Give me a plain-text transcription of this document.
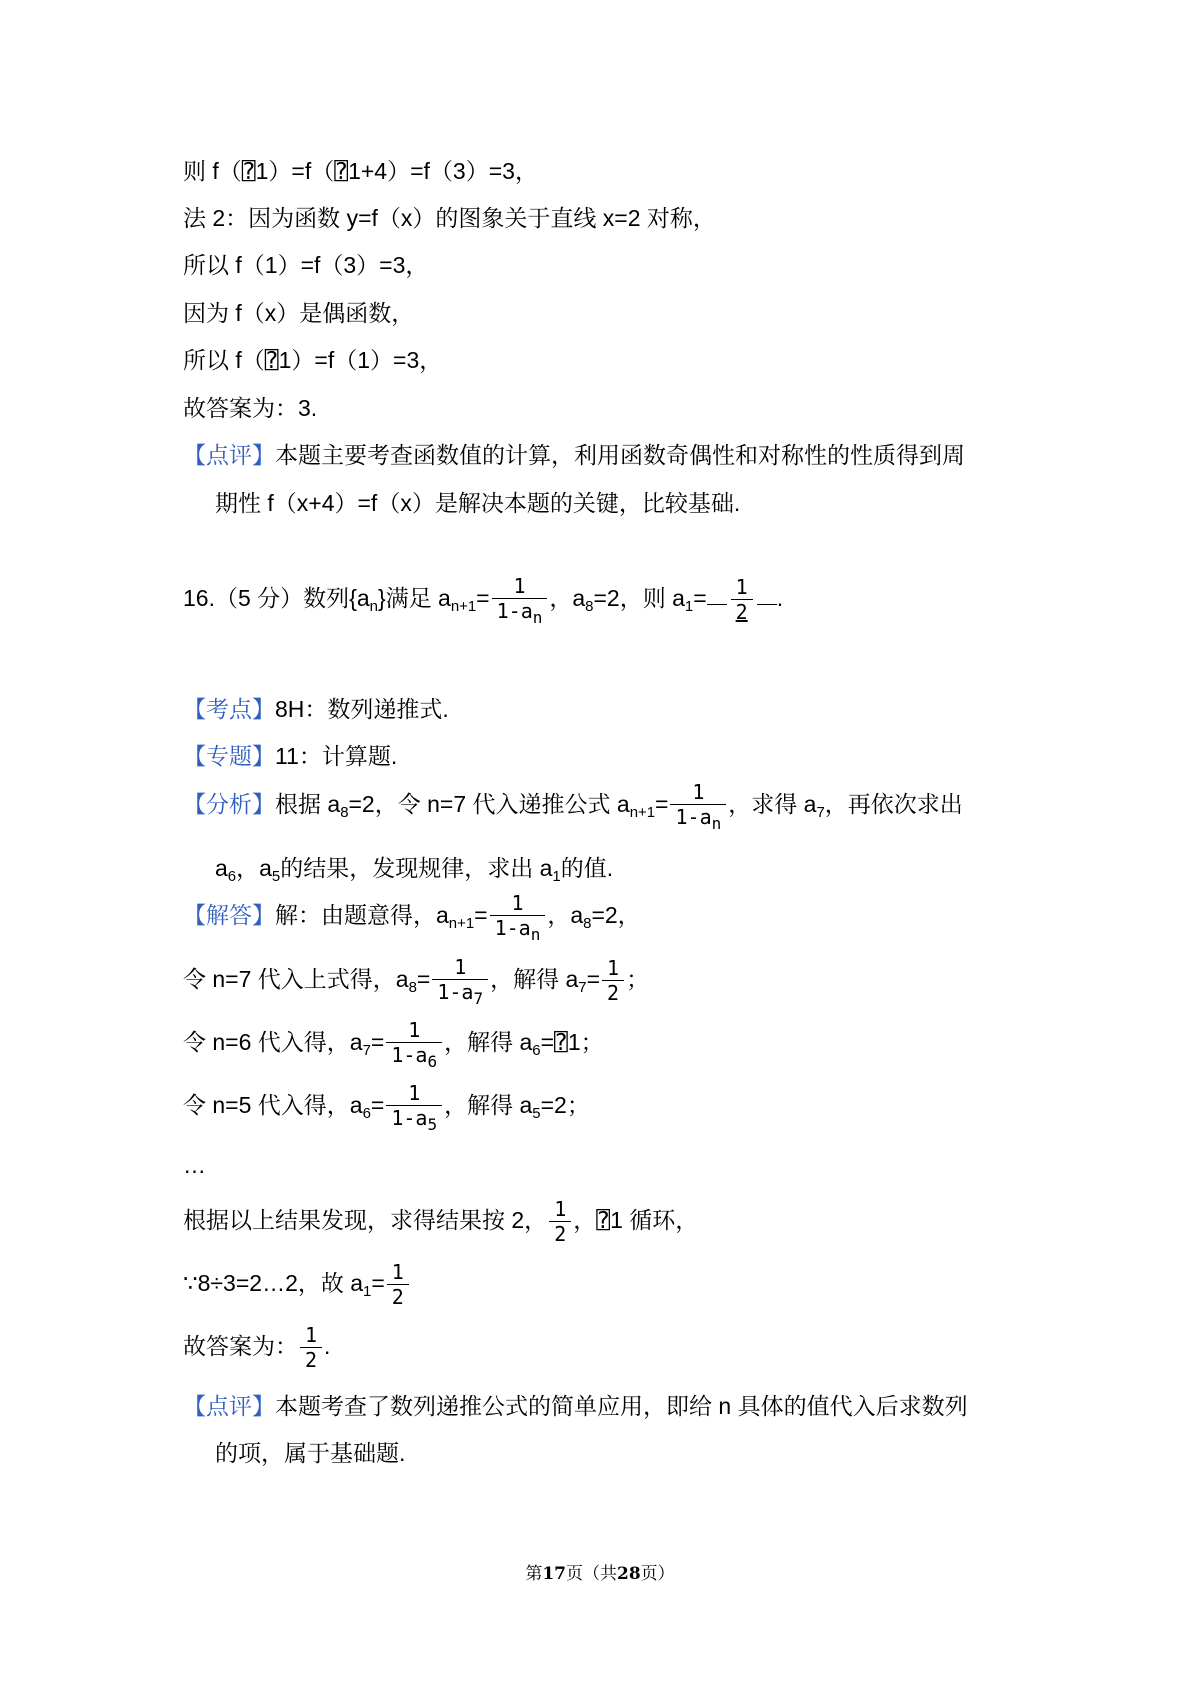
则 f（⍰1）=f（⍰1+4）=f（3）=3，
法 2：因为函数 y=f（x）的图象关于直线 x=2 对称，
所以 f（1）=f（3）=3，
因为 f（x）是偶函数，
所以 f（⍰1）=f（1）=3，
故答案为：3.
【点评】本题主要考查函数值的计算，利用函数奇偶性和对称性的性质得到周
期性 f（x+4）=f（x）是解决本题的关键，比较基础.
16.（5 分）数列$\{a_n\}$满足 $a_{n+1}= \frac{1}{1-a_n}$ ，$a_8=2$，则 $a_1= \frac{1}{2}$ .
【考点】8H：数列递推式.
【专题】11：计算题.
【分析】根据 $a_8=2$，令 n=7 代入递推公式 $a_{n+1}= \frac{1}{1-a_n}$ ，求得 $a_7$，再依次求出
$a_6$，$a_5$的结果，发现规律，求出 $a_1$的值.
【解答】解：由题意得，$a_{n+1}= \frac{1}{1-a_n}$ ，$a_8=2$，
令 n=7 代入上式得，$a_8= \frac{1}{1-a_7}$ ，解得 $a_7= \frac{1}{2}$ ；
令 n=6 代入得，$a_7= \frac{1}{1-a_6}$ ，解得 $a_6=⍰1$；
令 n=5 代入得，$a_6= \frac{1}{1-a_5}$ ，解得 $a_5=2$；
…
根据以上结果发现，求得结果按 2， $\frac{1}{2}$ ，⍰1 循环，
∵8÷3=2…2，故 $a_1= \frac{1}{2}$
故答案为： $\frac{1}{2}$ .
【点评】本题考查了数列递推公式的简单应用，即给 n 具体的值代入后求数列
的项，属于基础题.
第17页（共28页）
